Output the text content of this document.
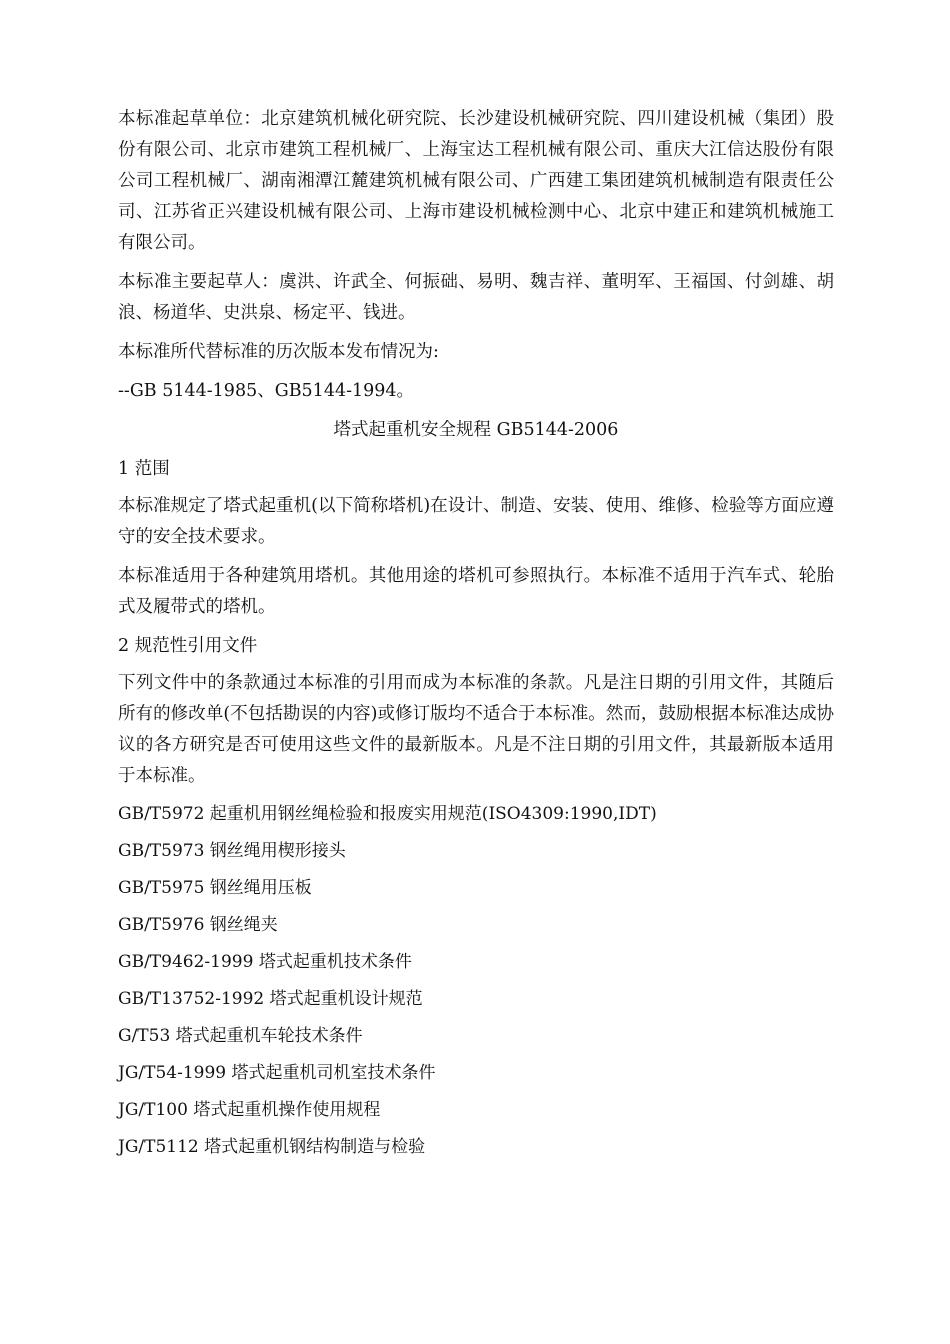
本标准起草单位：北京建筑机械化研究院、长沙建设机械研究院、四川建设机械（集团）股份有限公司、北京市建筑工程机械厂、上海宝达工程机械有限公司、重庆大江信达股份有限公司工程机械厂、湖南湘潭江麓建筑机械有限公司、广西建工集团建筑机械制造有限责任公司、江苏省正兴建设机械有限公司、上海市建设机械检测中心、北京中建正和建筑机械施工有限公司。

本标准主要起草人：虞洪、许武全、何振础、易明、魏吉祥、董明军、王福国、付剑雄、胡浪、杨道华、史洪泉、杨定平、钱进。

本标准所代替标准的历次版本发布情况为:

--GB 5144-1985、GB5144-1994。

塔式起重机安全规程 GB5144-2006

1 范围

本标准规定了塔式起重机(以下简称塔机)在设计、制造、安装、使用、维修、检验等方面应遵守的安全技术要求。

本标准适用于各种建筑用塔机。其他用途的塔机可参照执行。本标准不适用于汽车式、轮胎式及履带式的塔机。

2 规范性引用文件

下列文件中的条款通过本标准的引用而成为本标准的条款。凡是注日期的引用文件，其随后所有的修改单(不包括勘误的内容)或修订版均不适合于本标准。然而，鼓励根据本标准达成协议的各方研究是否可使用这些文件的最新版本。凡是不注日期的引用文件，其最新版本适用于本标准。

GB/T5972 起重机用钢丝绳检验和报废实用规范(ISO4309:1990,IDT)

GB/T5973 钢丝绳用楔形接头

GB/T5975 钢丝绳用压板

GB/T5976 钢丝绳夹

GB/T9462-1999 塔式起重机技术条件

GB/T13752-1992 塔式起重机设计规范

G/T53 塔式起重机车轮技术条件

JG/T54-1999 塔式起重机司机室技术条件

JG/T100 塔式起重机操作使用规程

JG/T5112 塔式起重机钢结构制造与检验
